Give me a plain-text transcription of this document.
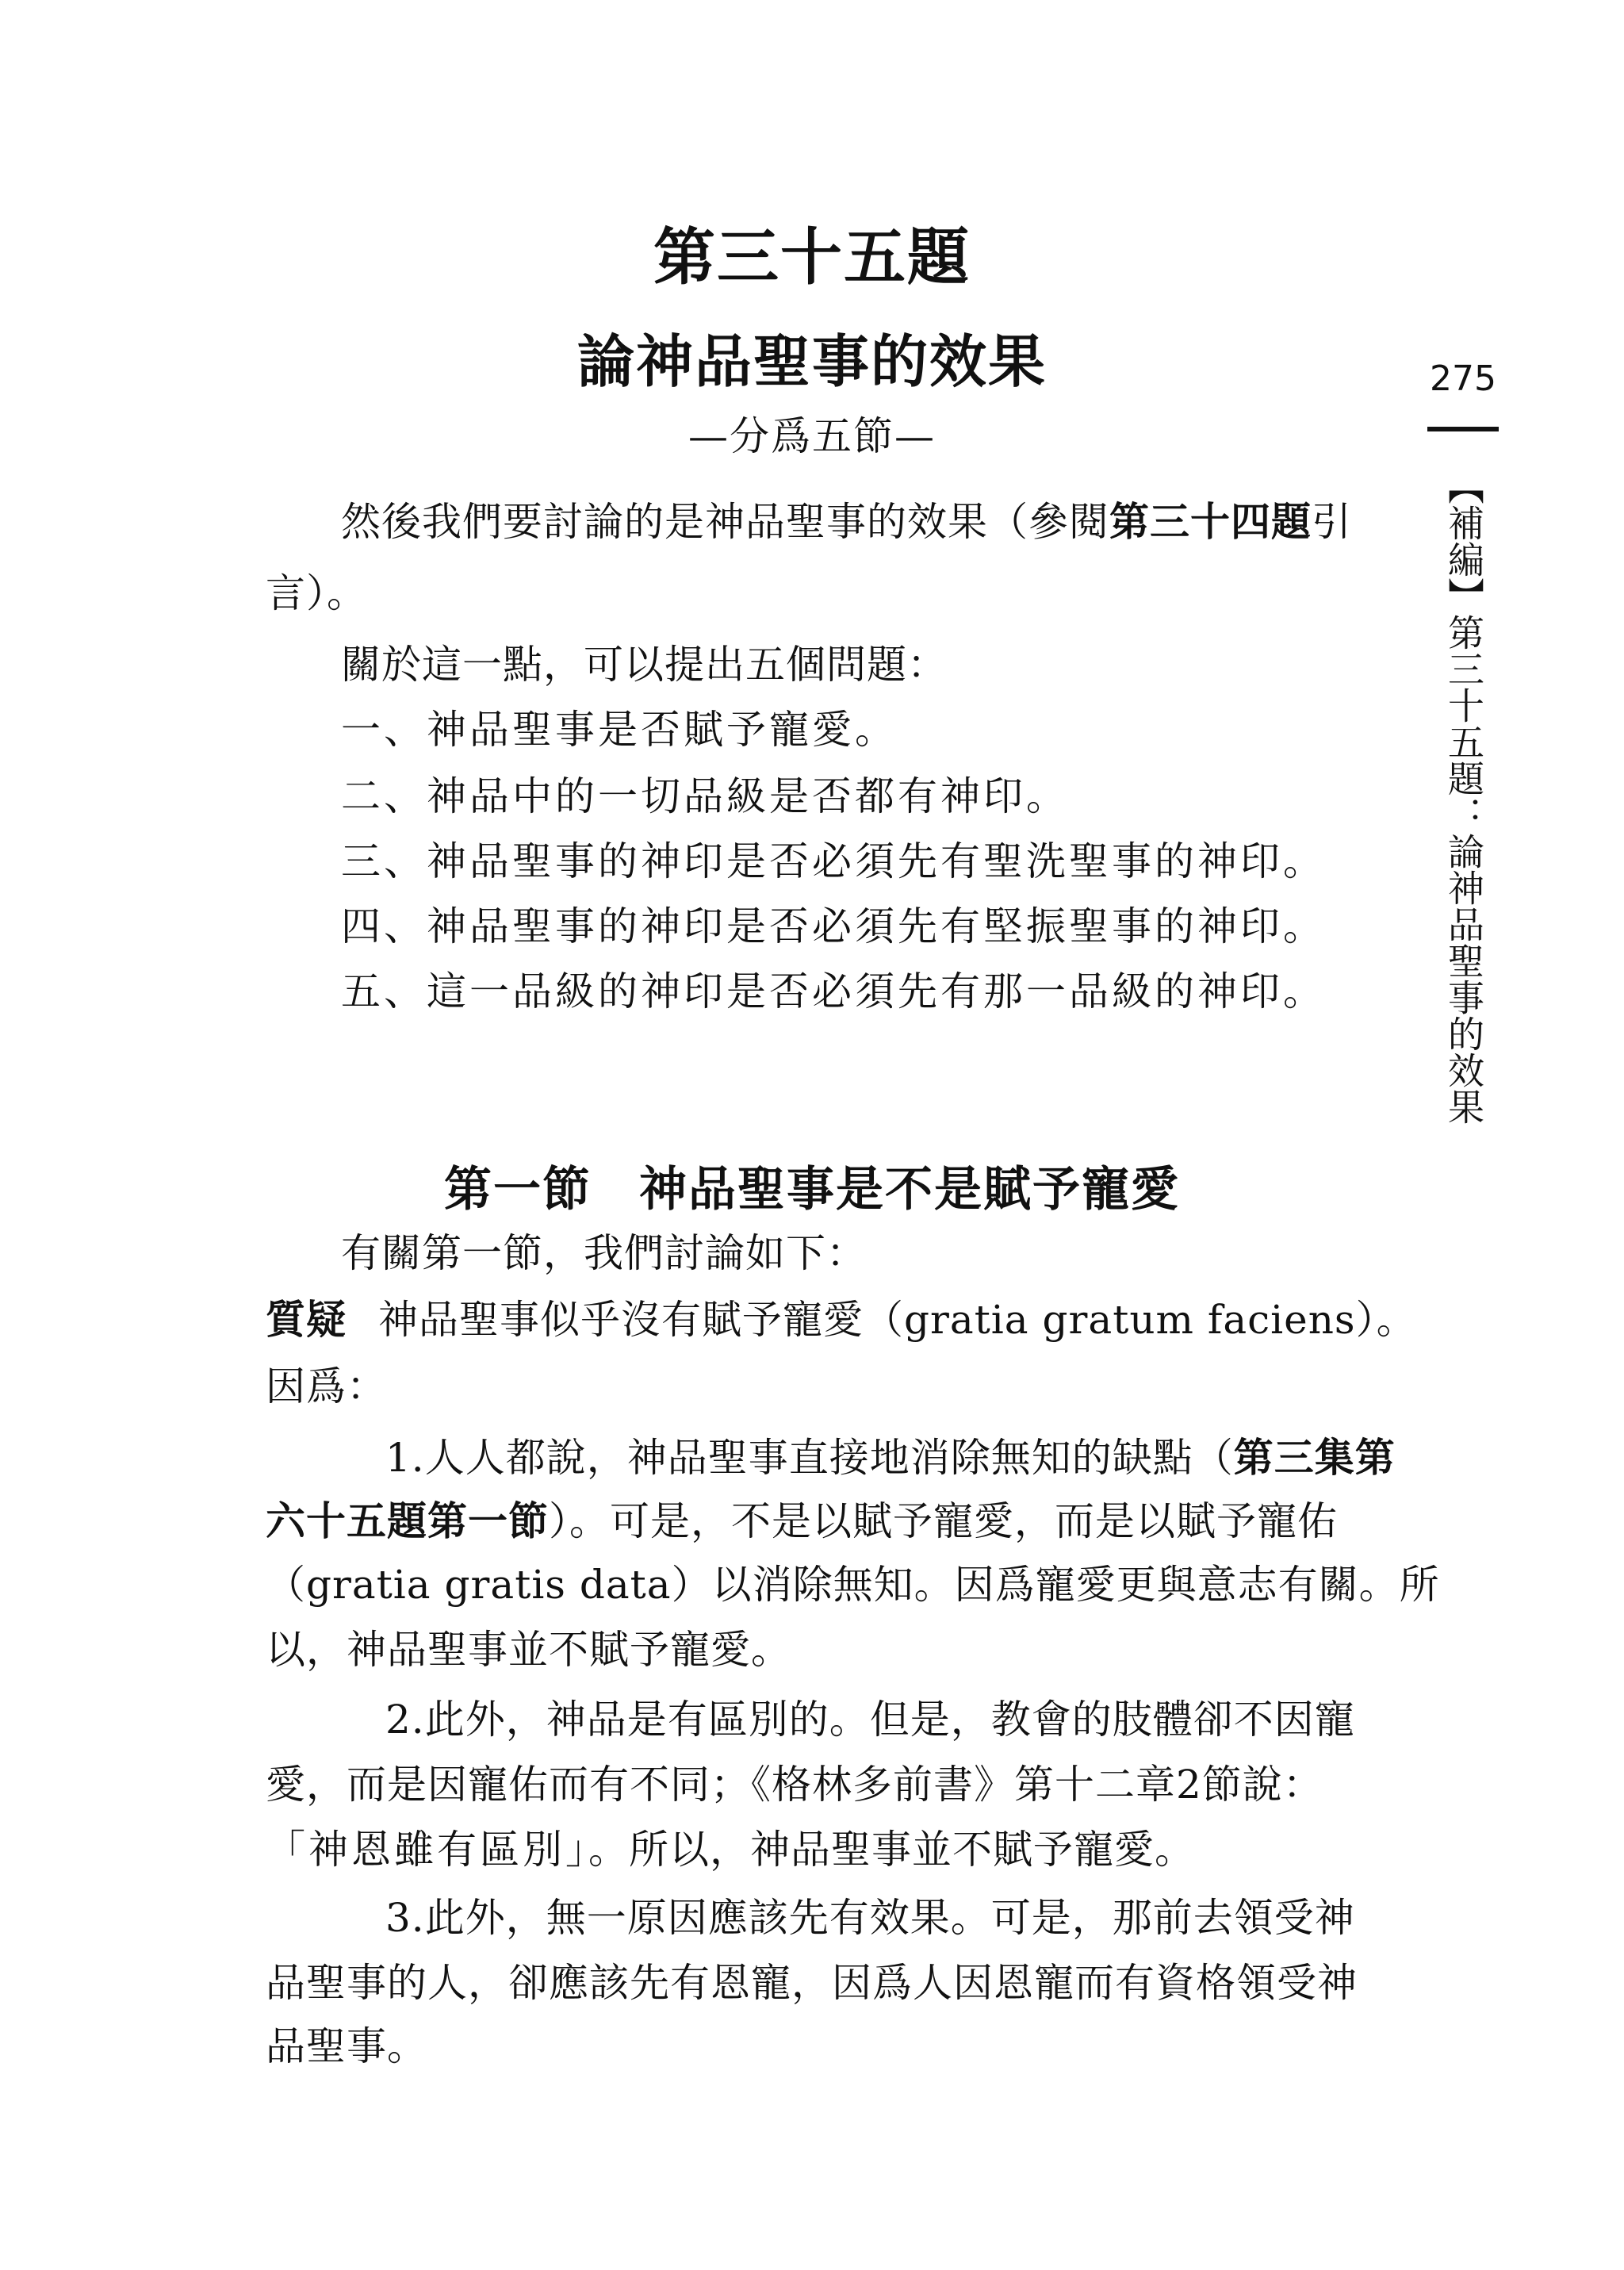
第三十五題
論神品聖事的效果
—分爲五節—
275
【補編】第三十五題：論神品聖事的效果
然後我們要討論的是神品聖事的效果（參閱第三十四題引
言）。
關於這一點，可以提出五個問題：
一、神品聖事是否賦予寵愛。
二、神品中的一切品級是否都有神印。
三、神品聖事的神印是否必須先有聖洗聖事的神印。
四、神品聖事的神印是否必須先有堅振聖事的神印。
五、這一品級的神印是否必須先有那一品級的神印。
第一節 神品聖事是不是賦予寵愛
有關第一節，我們討論如下：
質疑 神品聖事似乎沒有賦予寵愛（gratia gratum faciens）。
因爲：
1.人人都說，神品聖事直接地消除無知的缺點（第三集第
六十五題第一節）。可是，不是以賦予寵愛，而是以賦予寵佑
（gratia gratis data）以消除無知。因爲寵愛更與意志有關。所
以，神品聖事並不賦予寵愛。
2.此外，神品是有區別的。但是，教會的肢體卻不因寵
愛，而是因寵佑而有不同；《格林多前書》第十二章2節說：
「神恩雖有區別」。所以，神品聖事並不賦予寵愛。
3.此外，無一原因應該先有效果。可是，那前去領受神
品聖事的人，卻應該先有恩寵，因爲人因恩寵而有資格領受神
品聖事。
